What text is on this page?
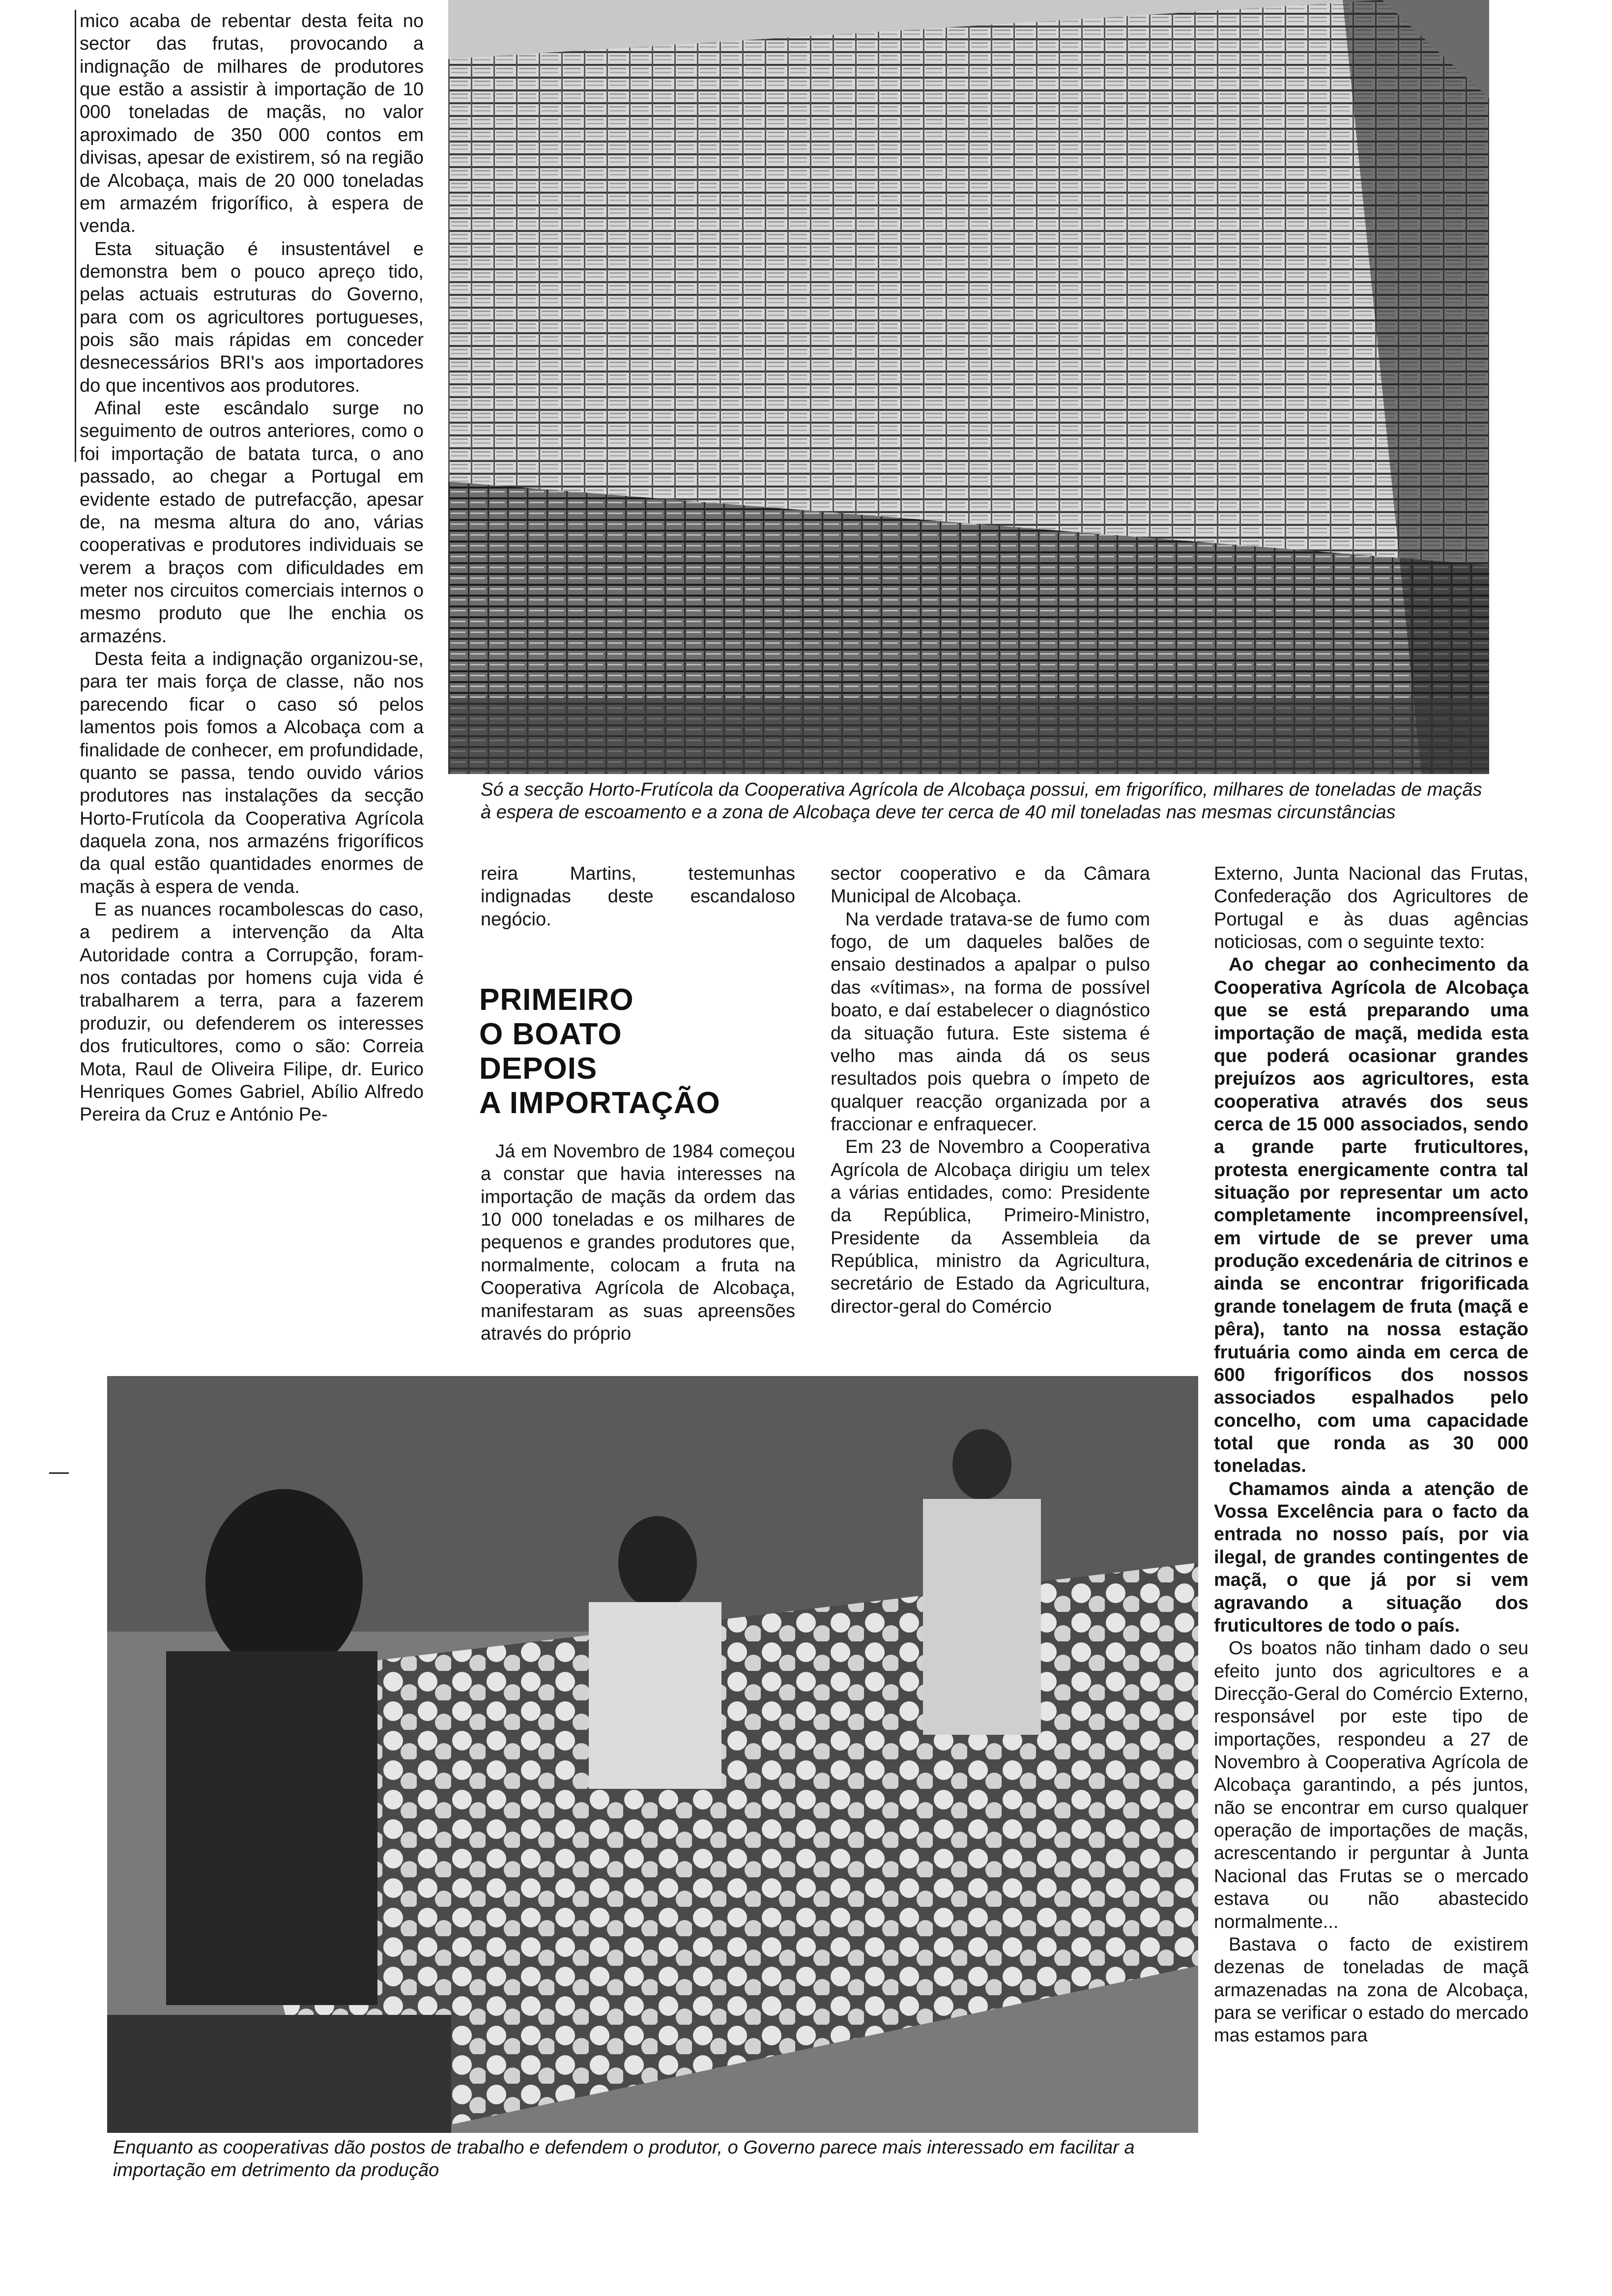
mico acaba de rebentar desta feita no sector das frutas, provocando a indignação de milhares de produtores que estão a assistir à importação de 10 000 toneladas de maçãs, no valor aproximado de 350 000 contos em divisas, apesar de existirem, só na região de Alcobaça, mais de 20 000 toneladas em armazém frigorífico, à espera de venda.

Esta situação é insustentável e demonstra bem o pouco apreço tido, pelas actuais estruturas do Governo, para com os agricultores portugueses, pois são mais rápidas em conceder desnecessários BRI's aos importadores do que incentivos aos produtores.

Afinal este escândalo surge no seguimento de outros anteriores, como o foi importação de batata turca, o ano passado, ao chegar a Portugal em evidente estado de putrefacção, apesar de, na mesma altura do ano, várias cooperativas e produtores individuais se verem a braços com dificuldades em meter nos circuitos comerciais internos o mesmo produto que lhe enchia os armazéns.

Desta feita a indignação organizou-se, para ter mais força de classe, não nos parecendo ficar o caso só pelos lamentos pois fomos a Alcobaça com a finalidade de conhecer, em profundidade, quanto se passa, tendo ouvido vários produtores nas instalações da secção Horto-Frutícola da Cooperativa Agrícola daquela zona, nos armazéns frigoríficos da qual estão quantidades enormes de maçãs à espera de venda.

E as nuances rocambolescas do caso, a pedirem a intervenção da Alta Autoridade contra a Corrupção, foram-nos contadas por homens cuja vida é trabalharem a terra, para a fazerem produzir, ou defenderem os interesses dos fruticultores, como o são: Correia Mota, Raul de Oliveira Filipe, dr. Eurico Henriques Gomes Gabriel, Abílio Alfredo Pereira da Cruz e António Pe-

Só a secção Horto-Frutícola da Cooperativa Agrícola de Alcobaça possui, em frigorífico, milhares de toneladas de maçãs à espera de escoamento e a zona de Alcobaça deve ter cerca de 40 mil toneladas nas mesmas circunstâncias

reira Martins, testemunhas indignadas deste escandaloso negócio.

PRIMEIRO
O BOATO
DEPOIS
A IMPORTAÇÃO

Já em Novembro de 1984 começou a constar que havia interesses na importação de maçãs da ordem das 10 000 toneladas e os milhares de pequenos e grandes produtores que, normalmente, colocam a fruta na Cooperativa Agrícola de Alcobaça, manifestaram as suas apreensões através do próprio

sector cooperativo e da Câmara Municipal de Alcobaça.

Na verdade tratava-se de fumo com fogo, de um daqueles balões de ensaio destinados a apalpar o pulso das «vítimas», na forma de possível boato, e daí estabelecer o diagnóstico da situação futura. Este sistema é velho mas ainda dá os seus resultados pois quebra o ímpeto de qualquer reacção organizada por a fraccionar e enfraquecer.

Em 23 de Novembro a Cooperativa Agrícola de Alcobaça dirigiu um telex a várias entidades, como: Presidente da República, Primeiro-Ministro, Presidente da Assembleia da República, ministro da Agricultura, secretário de Estado da Agricultura, director-geral do Comércio

Externo, Junta Nacional das Frutas, Confederação dos Agricultores de Portugal e às duas agências noticiosas, com o seguinte texto:

Ao chegar ao conhecimento da Cooperativa Agrícola de Alcobaça que se está preparando uma importação de maçã, medida esta que poderá ocasionar grandes prejuízos aos agricultores, esta cooperativa através dos seus cerca de 15 000 associados, sendo a grande parte fruticultores, protesta energicamente contra tal situação por representar um acto completamente incompreensível, em virtude de se prever uma produção excedenária de citrinos e ainda se encontrar frigorificada grande tonelagem de fruta (maçã e pêra), tanto na nossa estação frutuária como ainda em cerca de 600 frigoríficos dos nossos associados espalhados pelo concelho, com uma capacidade total que ronda as 30 000 toneladas.

Chamamos ainda a atenção de Vossa Excelência para o facto da entrada no nosso país, por via ilegal, de grandes contingentes de maçã, o que já por si vem agravando a situação dos fruticultores de todo o país.

Os boatos não tinham dado o seu efeito junto dos agricultores e a Direcção-Geral do Comércio Externo, responsável por este tipo de importações, respondeu a 27 de Novembro à Cooperativa Agrícola de Alcobaça garantindo, a pés juntos, não se encontrar em curso qualquer operação de importações de maçãs, acrescentando ir perguntar à Junta Nacional das Frutas se o mercado estava ou não abastecido normalmente...

Bastava o facto de existirem dezenas de toneladas de maçã armazenadas na zona de Alcobaça, para se verificar o estado do mercado mas estamos para

Enquanto as cooperativas dão postos de trabalho e defendem o produtor, o Governo parece mais interessado em facilitar a importação em detrimento da produção
